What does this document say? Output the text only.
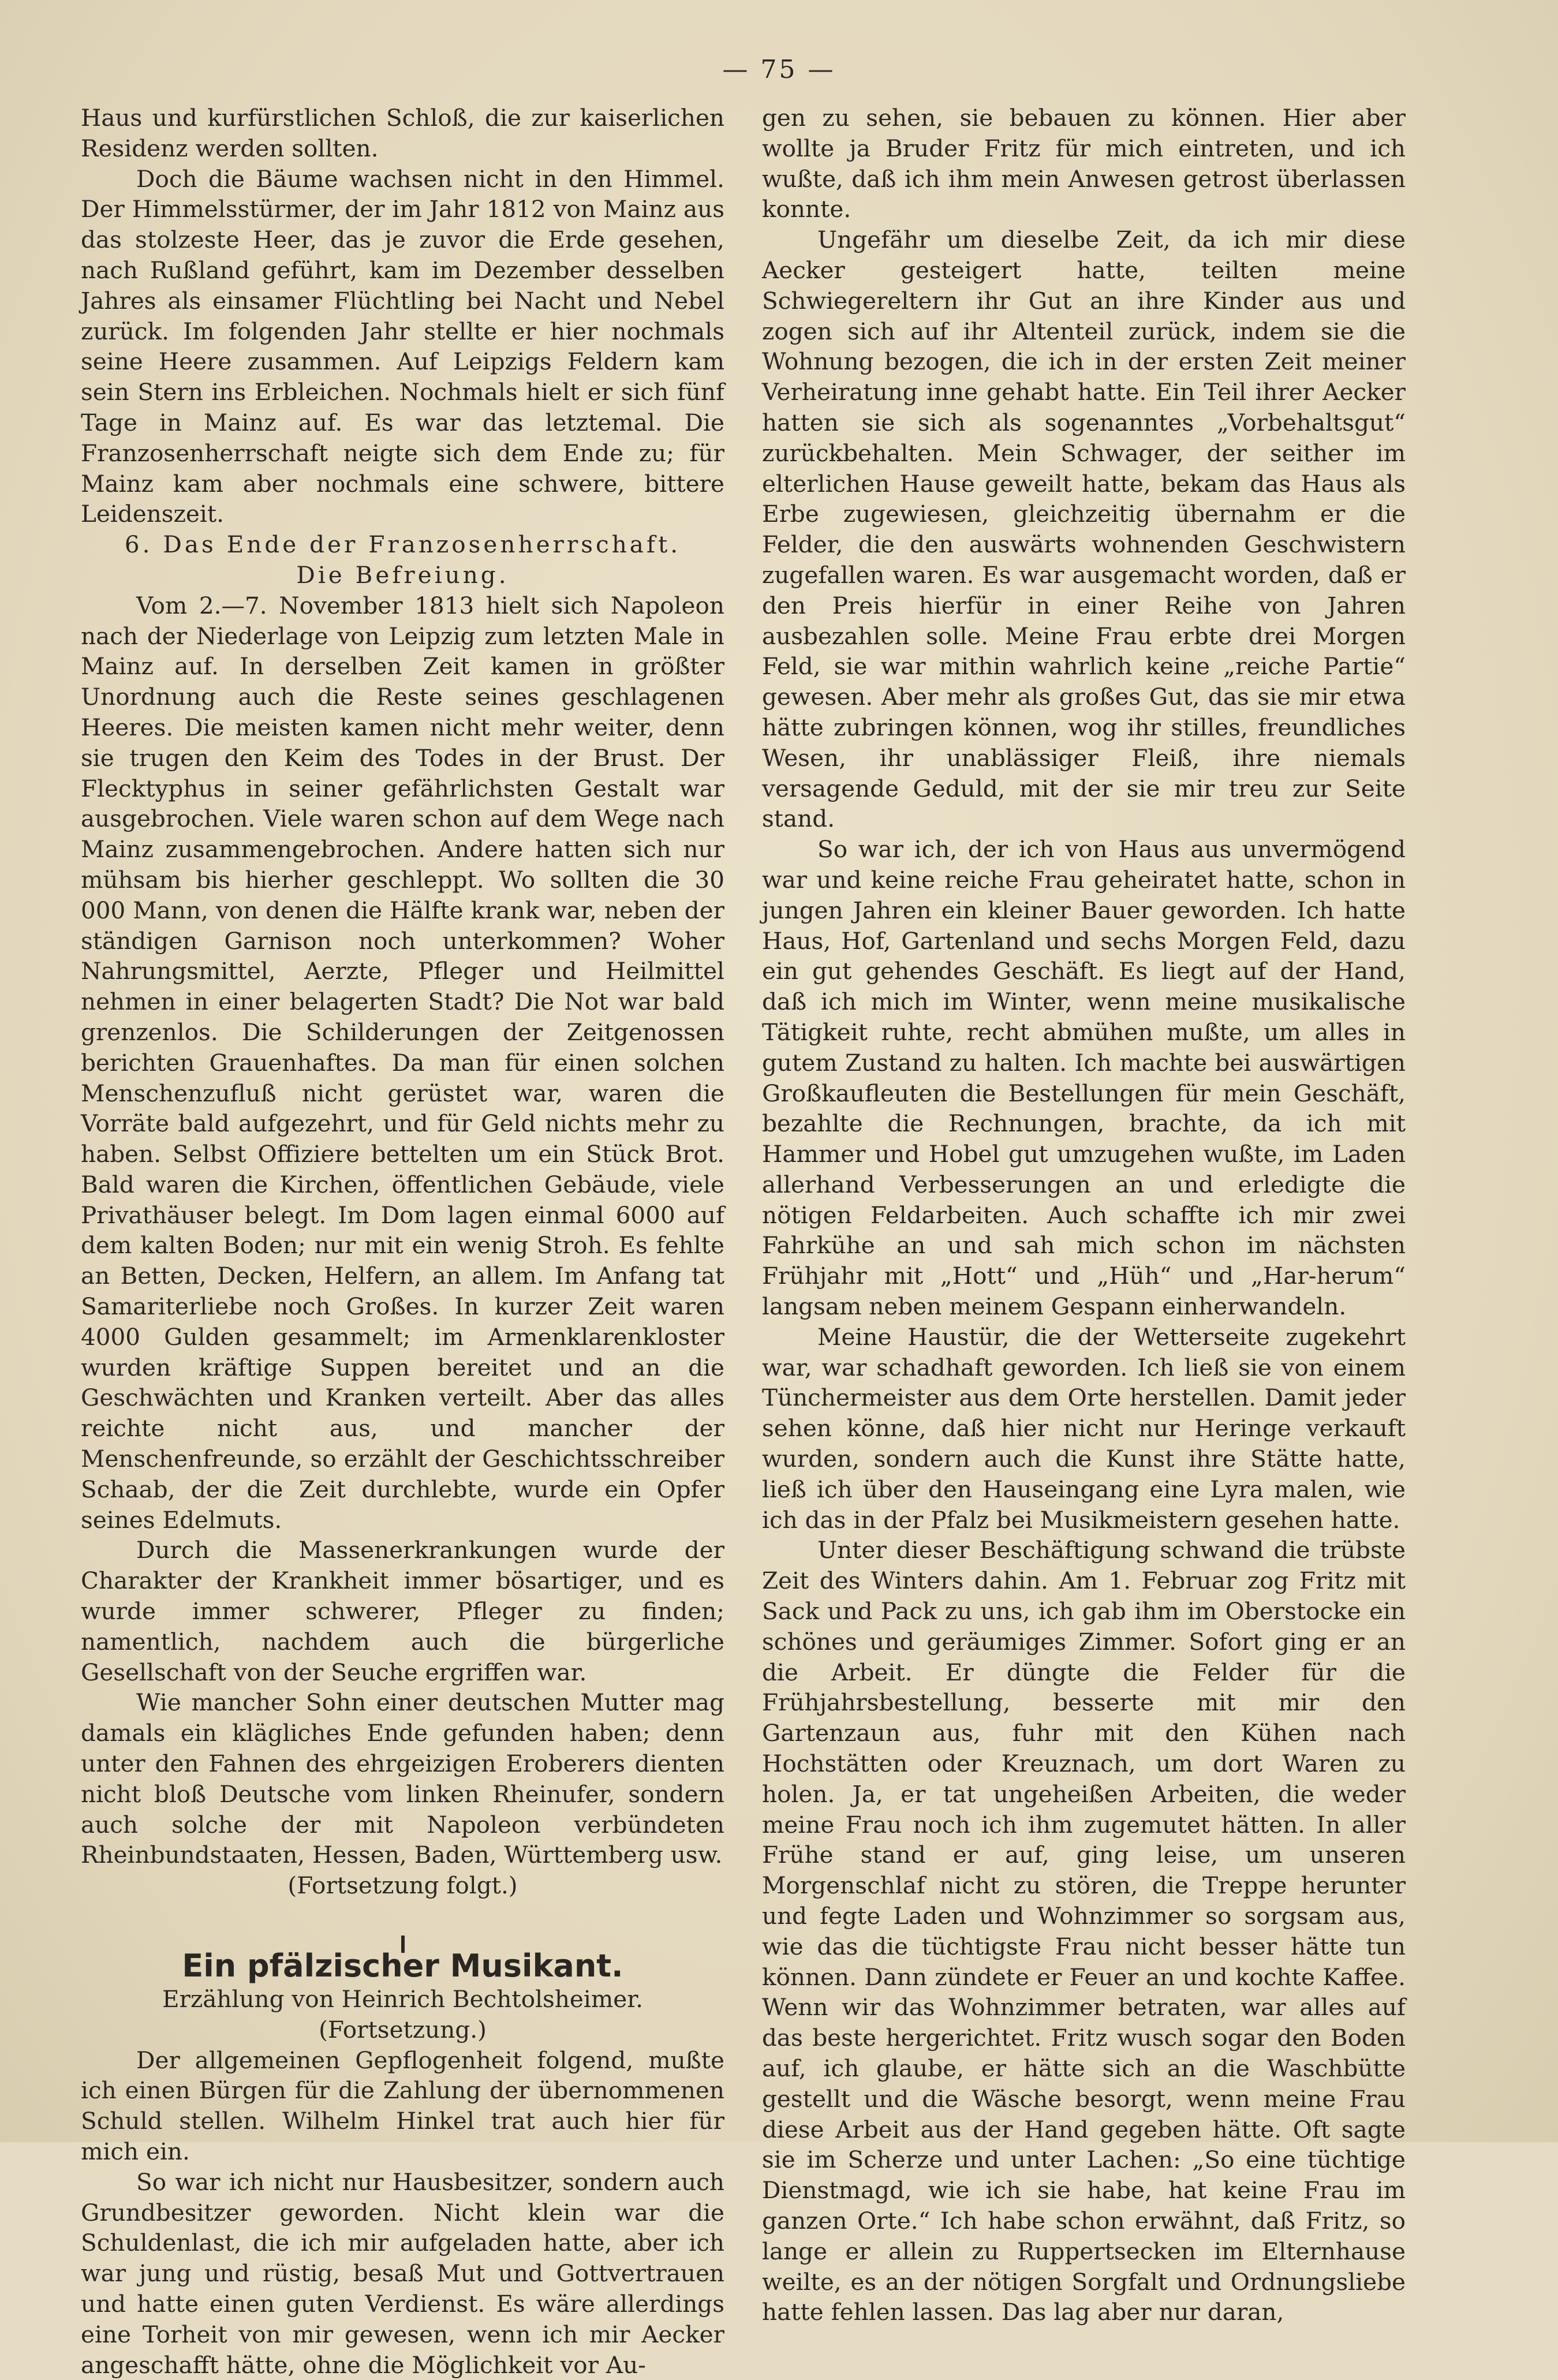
— 75 —

Haus und kurfürstlichen Schloß, die zur kaiserlichen Residenz werden sollten.

Doch die Bäume wachsen nicht in den Himmel. Der Himmelsstürmer, der im Jahr 1812 von Mainz aus das stolzeste Heer, das je zuvor die Erde gesehen, nach Rußland geführt, kam im Dezember desselben Jahres als einsamer Flüchtling bei Nacht und Nebel zurück. Im folgenden Jahr stellte er hier nochmals seine Heere zusammen. Auf Leipzigs Feldern kam sein Stern ins Erbleichen. Nochmals hielt er sich fünf Tage in Mainz auf. Es war das letztemal. Die Franzosenherrschaft neigte sich dem Ende zu; für Mainz kam aber nochmals eine schwere, bittere Leidenszeit.

6. Das Ende der Franzosenherrschaft.

Die Befreiung.

Vom 2.—7. November 1813 hielt sich Napoleon nach der Niederlage von Leipzig zum letzten Male in Mainz auf. In derselben Zeit kamen in größter Unordnung auch die Reste seines geschlagenen Heeres. Die meisten kamen nicht mehr weiter, denn sie trugen den Keim des Todes in der Brust. Der Flecktyphus in seiner gefährlichsten Gestalt war ausgebrochen. Viele waren schon auf dem Wege nach Mainz zusammengebrochen. Andere hatten sich nur mühsam bis hierher geschleppt. Wo sollten die 30 000 Mann, von denen die Hälfte krank war, neben der ständigen Garnison noch unterkommen? Woher Nahrungsmittel, Aerzte, Pfleger und Heilmittel nehmen in einer belagerten Stadt? Die Not war bald grenzenlos. Die Schilderungen der Zeitgenossen berichten Grauenhaftes. Da man für einen solchen Menschenzufluß nicht gerüstet war, waren die Vorräte bald aufgezehrt, und für Geld nichts mehr zu haben. Selbst Offiziere bettelten um ein Stück Brot. Bald waren die Kirchen, öffentlichen Gebäude, viele Privathäuser belegt. Im Dom lagen einmal 6000 auf dem kalten Boden; nur mit ein wenig Stroh. Es fehlte an Betten, Decken, Helfern, an allem. Im Anfang tat Samariterliebe noch Großes. In kurzer Zeit waren 4000 Gulden gesammelt; im Armenklarenkloster wurden kräftige Suppen bereitet und an die Geschwächten und Kranken verteilt. Aber das alles reichte nicht aus, und mancher der Menschenfreunde, so erzählt der Geschichtsschreiber Schaab, der die Zeit durchlebte, wurde ein Opfer seines Edelmuts.

Durch die Massenerkrankungen wurde der Charakter der Krankheit immer bösartiger, und es wurde immer schwerer, Pfleger zu finden; namentlich, nachdem auch die bürgerliche Gesellschaft von der Seuche ergriffen war.

Wie mancher Sohn einer deutschen Mutter mag damals ein klägliches Ende gefunden haben; denn unter den Fahnen des ehrgeizigen Eroberers dienten nicht bloß Deutsche vom linken Rheinufer, sondern auch solche der mit Napoleon verbündeten Rheinbundstaaten, Hessen, Baden, Württemberg usw.

(Fortsetzung folgt.)

Ein pfälzischer Musikant.

Erzählung von Heinrich Bechtolsheimer.

(Fortsetzung.)

Der allgemeinen Gepflogenheit folgend, mußte ich einen Bürgen für die Zahlung der übernommenen Schuld stellen. Wilhelm Hinkel trat auch hier für mich ein.

So war ich nicht nur Hausbesitzer, sondern auch Grundbesitzer geworden. Nicht klein war die Schuldenlast, die ich mir aufgeladen hatte, aber ich war jung und rüstig, besaß Mut und Gottvertrauen und hatte einen guten Verdienst. Es wäre allerdings eine Torheit von mir gewesen, wenn ich mir Aecker angeschafft hätte, ohne die Möglichkeit vor Au-

gen zu sehen, sie bebauen zu können. Hier aber wollte ja Bruder Fritz für mich eintreten, und ich wußte, daß ich ihm mein Anwesen getrost überlassen konnte.

Ungefähr um dieselbe Zeit, da ich mir diese Aecker gesteigert hatte, teilten meine Schwiegereltern ihr Gut an ihre Kinder aus und zogen sich auf ihr Altenteil zurück, indem sie die Wohnung bezogen, die ich in der ersten Zeit meiner Verheiratung inne gehabt hatte. Ein Teil ihrer Aecker hatten sie sich als sogenanntes „Vorbehaltsgut“ zurückbehalten. Mein Schwager, der seither im elterlichen Hause geweilt hatte, bekam das Haus als Erbe zugewiesen, gleichzeitig übernahm er die Felder, die den auswärts wohnenden Geschwistern zugefallen waren. Es war ausgemacht worden, daß er den Preis hierfür in einer Reihe von Jahren ausbezahlen solle. Meine Frau erbte drei Morgen Feld, sie war mithin wahrlich keine „reiche Partie“ gewesen. Aber mehr als großes Gut, das sie mir etwa hätte zubringen können, wog ihr stilles, freundliches Wesen, ihr unablässiger Fleiß, ihre niemals versagende Geduld, mit der sie mir treu zur Seite stand.

So war ich, der ich von Haus aus unvermögend war und keine reiche Frau geheiratet hatte, schon in jungen Jahren ein kleiner Bauer geworden. Ich hatte Haus, Hof, Gartenland und sechs Morgen Feld, dazu ein gut gehendes Geschäft. Es liegt auf der Hand, daß ich mich im Winter, wenn meine musikalische Tätigkeit ruhte, recht abmühen mußte, um alles in gutem Zustand zu halten. Ich machte bei auswärtigen Großkaufleuten die Bestellungen für mein Geschäft, bezahlte die Rechnungen, brachte, da ich mit Hammer und Hobel gut umzugehen wußte, im Laden allerhand Verbesserungen an und erledigte die nötigen Feldarbeiten. Auch schaffte ich mir zwei Fahrkühe an und sah mich schon im nächsten Frühjahr mit „Hott“ und „Hüh“ und „Har-herum“ langsam neben meinem Gespann einherwandeln.

Meine Haustür, die der Wetterseite zugekehrt war, war schadhaft geworden. Ich ließ sie von einem Tünchermeister aus dem Orte herstellen. Damit jeder sehen könne, daß hier nicht nur Heringe verkauft wurden, sondern auch die Kunst ihre Stätte hatte, ließ ich über den Hauseingang eine Lyra malen, wie ich das in der Pfalz bei Musikmeistern gesehen hatte.

Unter dieser Beschäftigung schwand die trübste Zeit des Winters dahin. Am 1. Februar zog Fritz mit Sack und Pack zu uns, ich gab ihm im Oberstocke ein schönes und geräumiges Zimmer. Sofort ging er an die Arbeit. Er düngte die Felder für die Frühjahrsbestellung, besserte mit mir den Gartenzaun aus, fuhr mit den Kühen nach Hochstätten oder Kreuznach, um dort Waren zu holen. Ja, er tat ungeheißen Arbeiten, die weder meine Frau noch ich ihm zugemutet hätten. In aller Frühe stand er auf, ging leise, um unseren Morgenschlaf nicht zu stören, die Treppe herunter und fegte Laden und Wohnzimmer so sorgsam aus, wie das die tüchtigste Frau nicht besser hätte tun können. Dann zündete er Feuer an und kochte Kaffee. Wenn wir das Wohnzimmer betraten, war alles auf das beste hergerichtet. Fritz wusch sogar den Boden auf, ich glaube, er hätte sich an die Waschbütte gestellt und die Wäsche besorgt, wenn meine Frau diese Arbeit aus der Hand gegeben hätte. Oft sagte sie im Scherze und unter Lachen: „So eine tüchtige Dienstmagd, wie ich sie habe, hat keine Frau im ganzen Orte.“ Ich habe schon erwähnt, daß Fritz, so lange er allein zu Ruppertsecken im Elternhause weilte, es an der nötigen Sorgfalt und Ordnungsliebe hatte fehlen lassen. Das lag aber nur daran,
